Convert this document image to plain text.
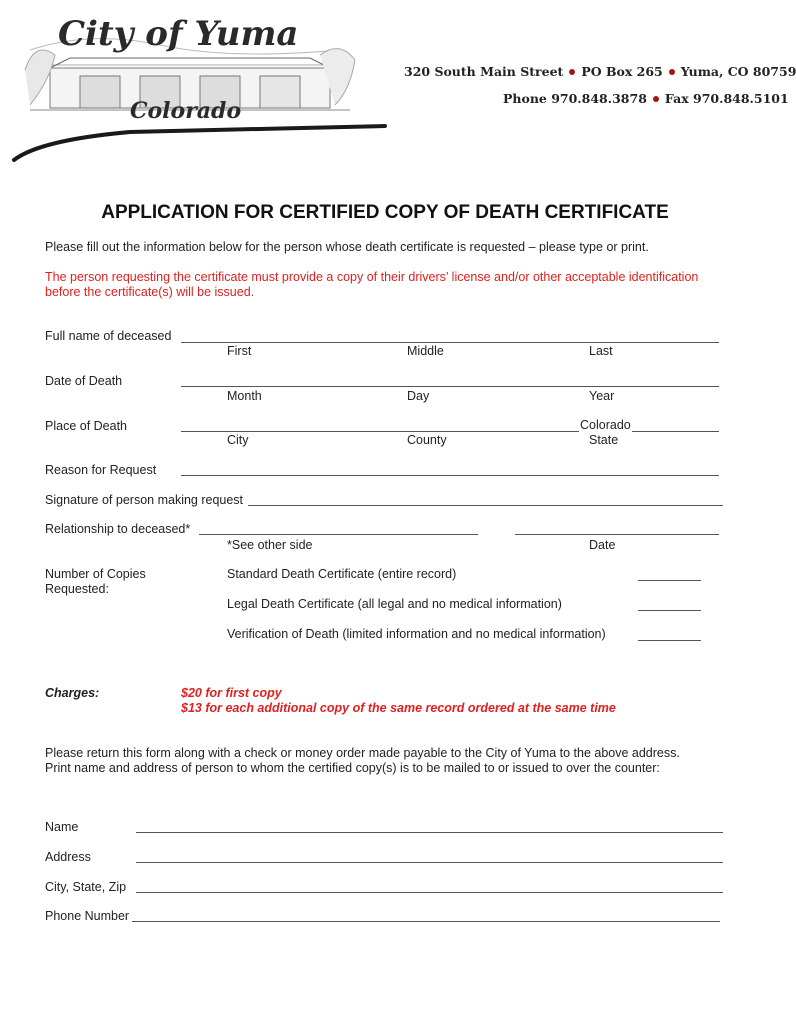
City of Yuma
Colorado
320 South Main Street PO Box 265 Yuma, CO 80759
Phone 970.848.3878 Fax 970.848.5101
APPLICATION FOR CERTIFIED COPY OF DEATH CERTIFICATE
Please fill out the information below for the person whose death certificate is requested – please type or print.
The person requesting the certificate must provide a copy of their drivers’ license and/or other acceptable identification
before the certificate(s) will be issued.
Full name of deceased
First	Middle	Last
Date of Death
Month	Day	Year
Place of Death	Colorado
City	County	State
Reason for Request
Signature of person making request
Relationship to deceased*
*See other side	Date
Number of Copies
Requested:
Standard Death Certificate (entire record)
Legal Death Certificate (all legal and no medical information)
Verification of Death (limited information and no medical information)
Charges:	$20 for first copy
$13 for each additional copy of the same record ordered at the same time
Please return this form along with a check or money order made payable to the City of Yuma to the above address.
Print name and address of person to whom the certified copy(s) is to be mailed to or issued to over the counter:
Name
Address
City, State, Zip
Phone Number
